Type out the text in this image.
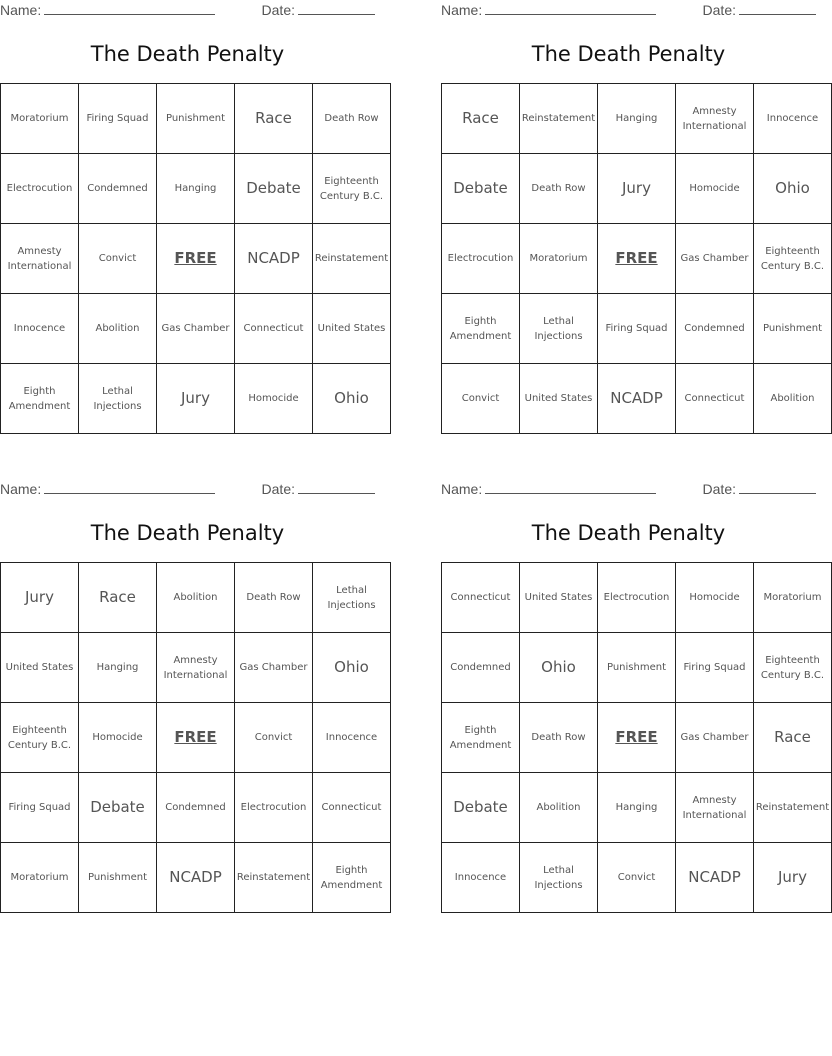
Name:	Date:
The Death Penalty
Moratorium	Firing Squad	Punishment	Race	Death Row
Electrocution	Condemned	Hanging	Debate	Eighteenth Century B.C.
Amnesty International	Convict	FREE	NCADP	Reinstatement
Innocence	Abolition	Gas Chamber	Connecticut	United States
Eighth Amendment	Lethal Injections	Jury	Homocide	Ohio
Name:	Date:
The Death Penalty
Race	Reinstatement	Hanging	Amnesty International	Innocence
Debate	Death Row	Jury	Homocide	Ohio
Electrocution	Moratorium	FREE	Gas Chamber	Eighteenth Century B.C.
Eighth Amendment	Lethal Injections	Firing Squad	Condemned	Punishment
Convict	United States	NCADP	Connecticut	Abolition
Name:	Date:
The Death Penalty
Jury	Race	Abolition	Death Row	Lethal Injections
United States	Hanging	Amnesty International	Gas Chamber	Ohio
Eighteenth Century B.C.	Homocide	FREE	Convict	Innocence
Firing Squad	Debate	Condemned	Electrocution	Connecticut
Moratorium	Punishment	NCADP	Reinstatement	Eighth Amendment
Name:	Date:
The Death Penalty
Connecticut	United States	Electrocution	Homocide	Moratorium
Condemned	Ohio	Punishment	Firing Squad	Eighteenth Century B.C.
Eighth Amendment	Death Row	FREE	Gas Chamber	Race
Debate	Abolition	Hanging	Amnesty International	Reinstatement
Innocence	Lethal Injections	Convict	NCADP	Jury
